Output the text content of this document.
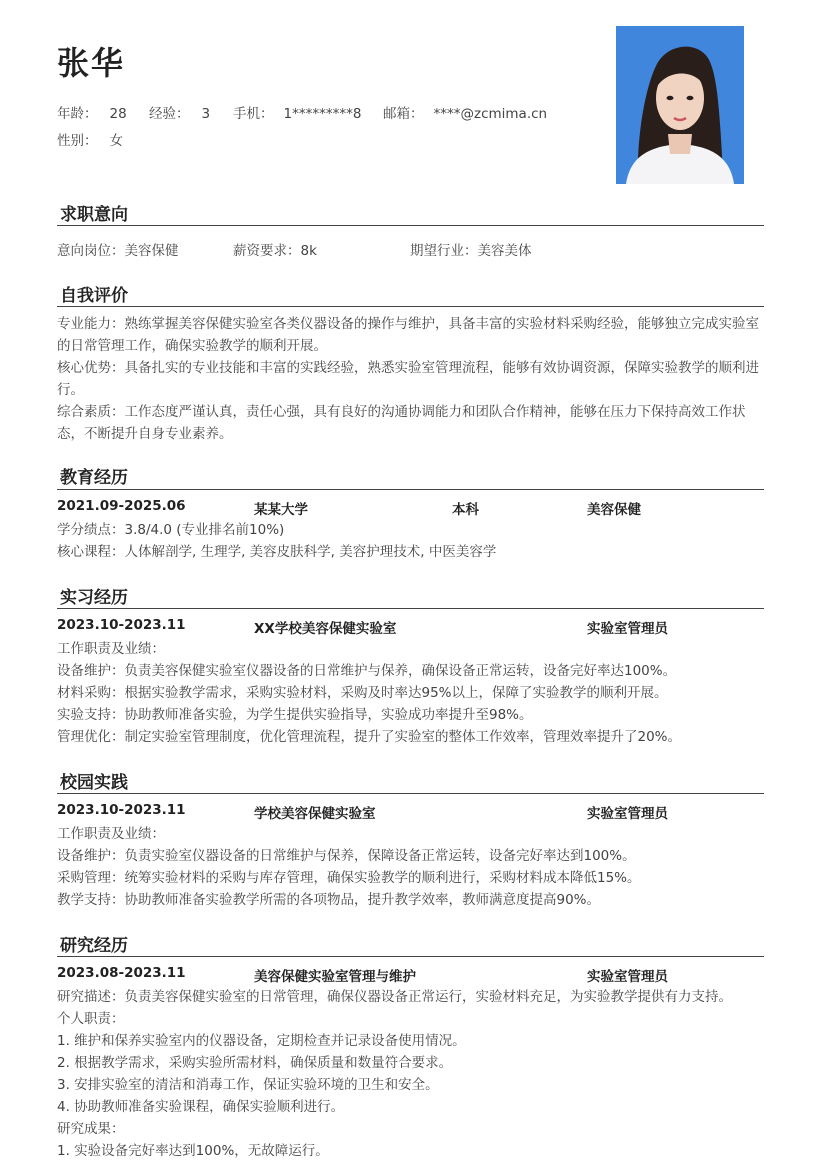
张华
年龄： 28 经验： 3 手机： 1*********8 邮箱： ****@zcmima.cn
性别： 女
求职意向
意向岗位：美容保健	薪资要求：8k	期望行业：美容美体
自我评价
专业能力：熟练掌握美容保健实验室各类仪器设备的操作与维护，具备丰富的实验材料采购经验，能够独立完成实验室的日常管理工作，确保实验教学的顺利开展。
核心优势：具备扎实的专业技能和丰富的实践经验，熟悉实验室管理流程，能够有效协调资源，保障实验教学的顺利进行。
综合素质：工作态度严谨认真，责任心强，具有良好的沟通协调能力和团队合作精神，能够在压力下保持高效工作状态，不断提升自身专业素养。
教育经历
2021.09-2025.06	某某大学	本科	美容保健
学分绩点：3.8/4.0 (专业排名前10%)
核心课程：人体解剖学, 生理学, 美容皮肤科学, 美容护理技术, 中医美容学
实习经历
2023.10-2023.11	XX学校美容保健实验室	实验室管理员
工作职责及业绩：
设备维护：负责美容保健实验室仪器设备的日常维护与保养，确保设备正常运转，设备完好率达100%。
材料采购：根据实验教学需求，采购实验材料，采购及时率达95%以上，保障了实验教学的顺利开展。
实验支持：协助教师准备实验，为学生提供实验指导，实验成功率提升至98%。
管理优化：制定实验室管理制度，优化管理流程，提升了实验室的整体工作效率，管理效率提升了20%。
校园实践
2023.10-2023.11	学校美容保健实验室	实验室管理员
工作职责及业绩：
设备维护：负责实验室仪器设备的日常维护与保养，保障设备正常运转，设备完好率达到100%。
采购管理：统筹实验材料的采购与库存管理，确保实验教学的顺利进行，采购材料成本降低15%。
教学支持：协助教师准备实验教学所需的各项物品，提升教学效率，教师满意度提高90%。
研究经历
2023.08-2023.11	美容保健实验室管理与维护	实验室管理员
研究描述：负责美容保健实验室的日常管理，确保仪器设备正常运行，实验材料充足，为实验教学提供有力支持。
个人职责：
1. 维护和保养实验室内的仪器设备，定期检查并记录设备使用情况。
2. 根据教学需求，采购实验所需材料，确保质量和数量符合要求。
3. 安排实验室的清洁和消毒工作，保证实验环境的卫生和安全。
4. 协助教师准备实验课程，确保实验顺利进行。
研究成果：
1. 实验设备完好率达到100%，无故障运行。
